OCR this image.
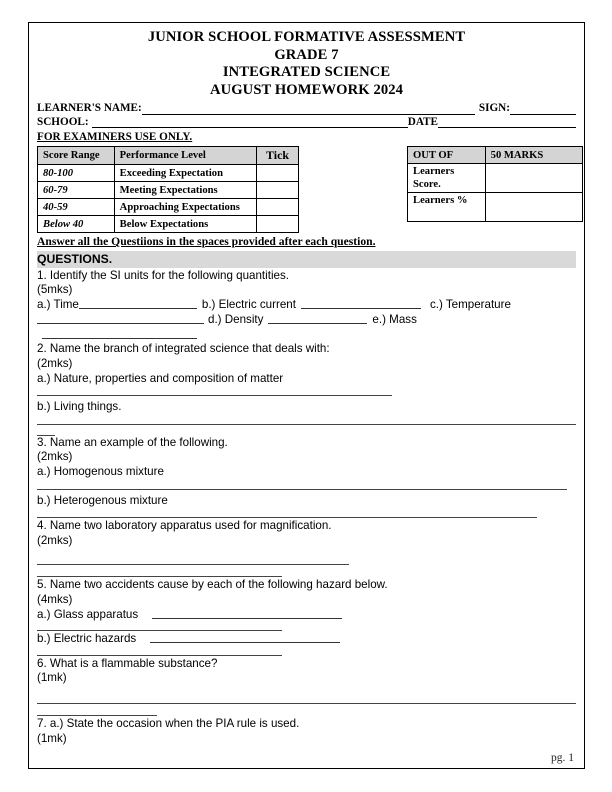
JUNIOR SCHOOL FORMATIVE ASSESSMENT
GRADE 7
INTEGRATED SCIENCE
AUGUST HOMEWORK 2024
LEARNER'S NAME:	SIGN:
SCHOOL:	DATE
FOR EXAMINERS USE ONLY.
Score Range	Performance Level	Tick
80-100	Exceeding Expectation	
60-79	Meeting Expectations	
40-59	Approaching Expectations	
Below 40	Below Expectations	
OUT OF	50 MARKS
Learners Score.	
Learners %	
Answer all the Questiions in the spaces provided after each question.
QUESTIONS.
1. Identify the SI units for the following quantities.
(5mks)
a.) Time	b.) Electric current	c.) Temperature
d.) Density	e.) Mass
2. Name the branch of integrated science that deals with:
(2mks)
a.) Nature, properties and composition of matter
b.) Living things.
3. Name an example of the following.
(2mks)
a.) Homogenous mixture
b.) Heterogenous mixture
4. Name two laboratory apparatus used for magnification.
(2mks)
5. Name two accidents cause by each of the following hazard below.
(4mks)
a.) Glass apparatus
b.) Electric hazards
6. What is a flammable substance?
(1mk)
7. a.) State the occasion when the PIA rule is used.
(1mk)
pg. 1
